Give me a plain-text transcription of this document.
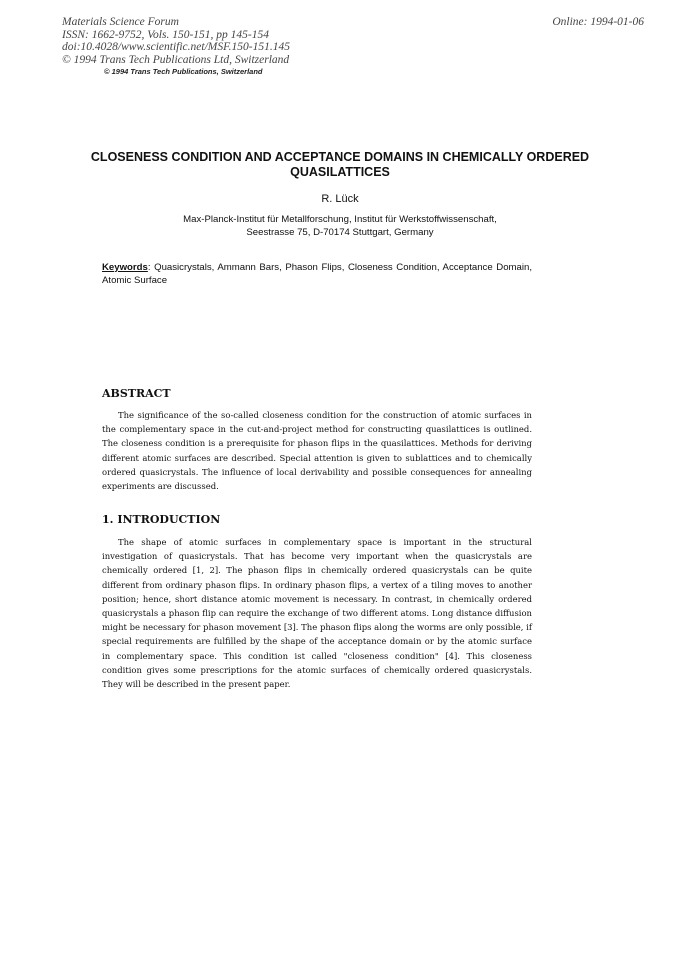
Materials Science Forum
ISSN: 1662-9752, Vols. 150-151, pp 145-154
doi:10.4028/www.scientific.net/MSF.150-151.145
© 1994 Trans Tech Publications Ltd, Switzerland
Online: 1994-01-06
© 1994 Trans Tech Publications, Switzerland
CLOSENESS CONDITION AND ACCEPTANCE DOMAINS IN CHEMICALLY ORDERED QUASILATTICES
R. Lück
Max-Planck-Institut für Metallforschung, Institut für Werkstoffwissenschaft,
Seestrasse 75, D-70174 Stuttgart, Germany
Keywords: Quasicrystals, Ammann Bars, Phason Flips, Closeness Condition, Acceptance Domain, Atomic Surface
ABSTRACT
The significance of the so-called closeness condition for the construction of atomic surfaces in the complementary space in the cut-and-project method for constructing quasilattices is outlined. The closeness condition is a prerequisite for phason flips in the quasilattices. Methods for deriving different atomic surfaces are described. Special attention is given to sublattices and to chemically ordered quasicrystals. The influence of local derivability and possible consequences for annealing experiments are discussed.
1. INTRODUCTION
The shape of atomic surfaces in complementary space is important in the structural investigation of quasicrystals. That has become very important when the quasicrystals are chemically ordered [1, 2]. The phason flips in chemically ordered quasicrystals can be quite different from ordinary phason flips. In ordinary phason flips, a vertex of a tiling moves to another position; hence, short distance atomic movement is necessary. In contrast, in chemically ordered quasicrystals a phason flip can require the exchange of two different atoms. Long distance diffusion might be necessary for phason movement [3]. The phason flips along the worms are only possible, if special requirements are fulfilled by the shape of the acceptance domain or by the atomic surface in complementary space. This condition ist called "closeness condition" [4]. This closeness condition gives some prescriptions for the atomic surfaces of chemically ordered quasicrystals. They will be described in the present paper.
